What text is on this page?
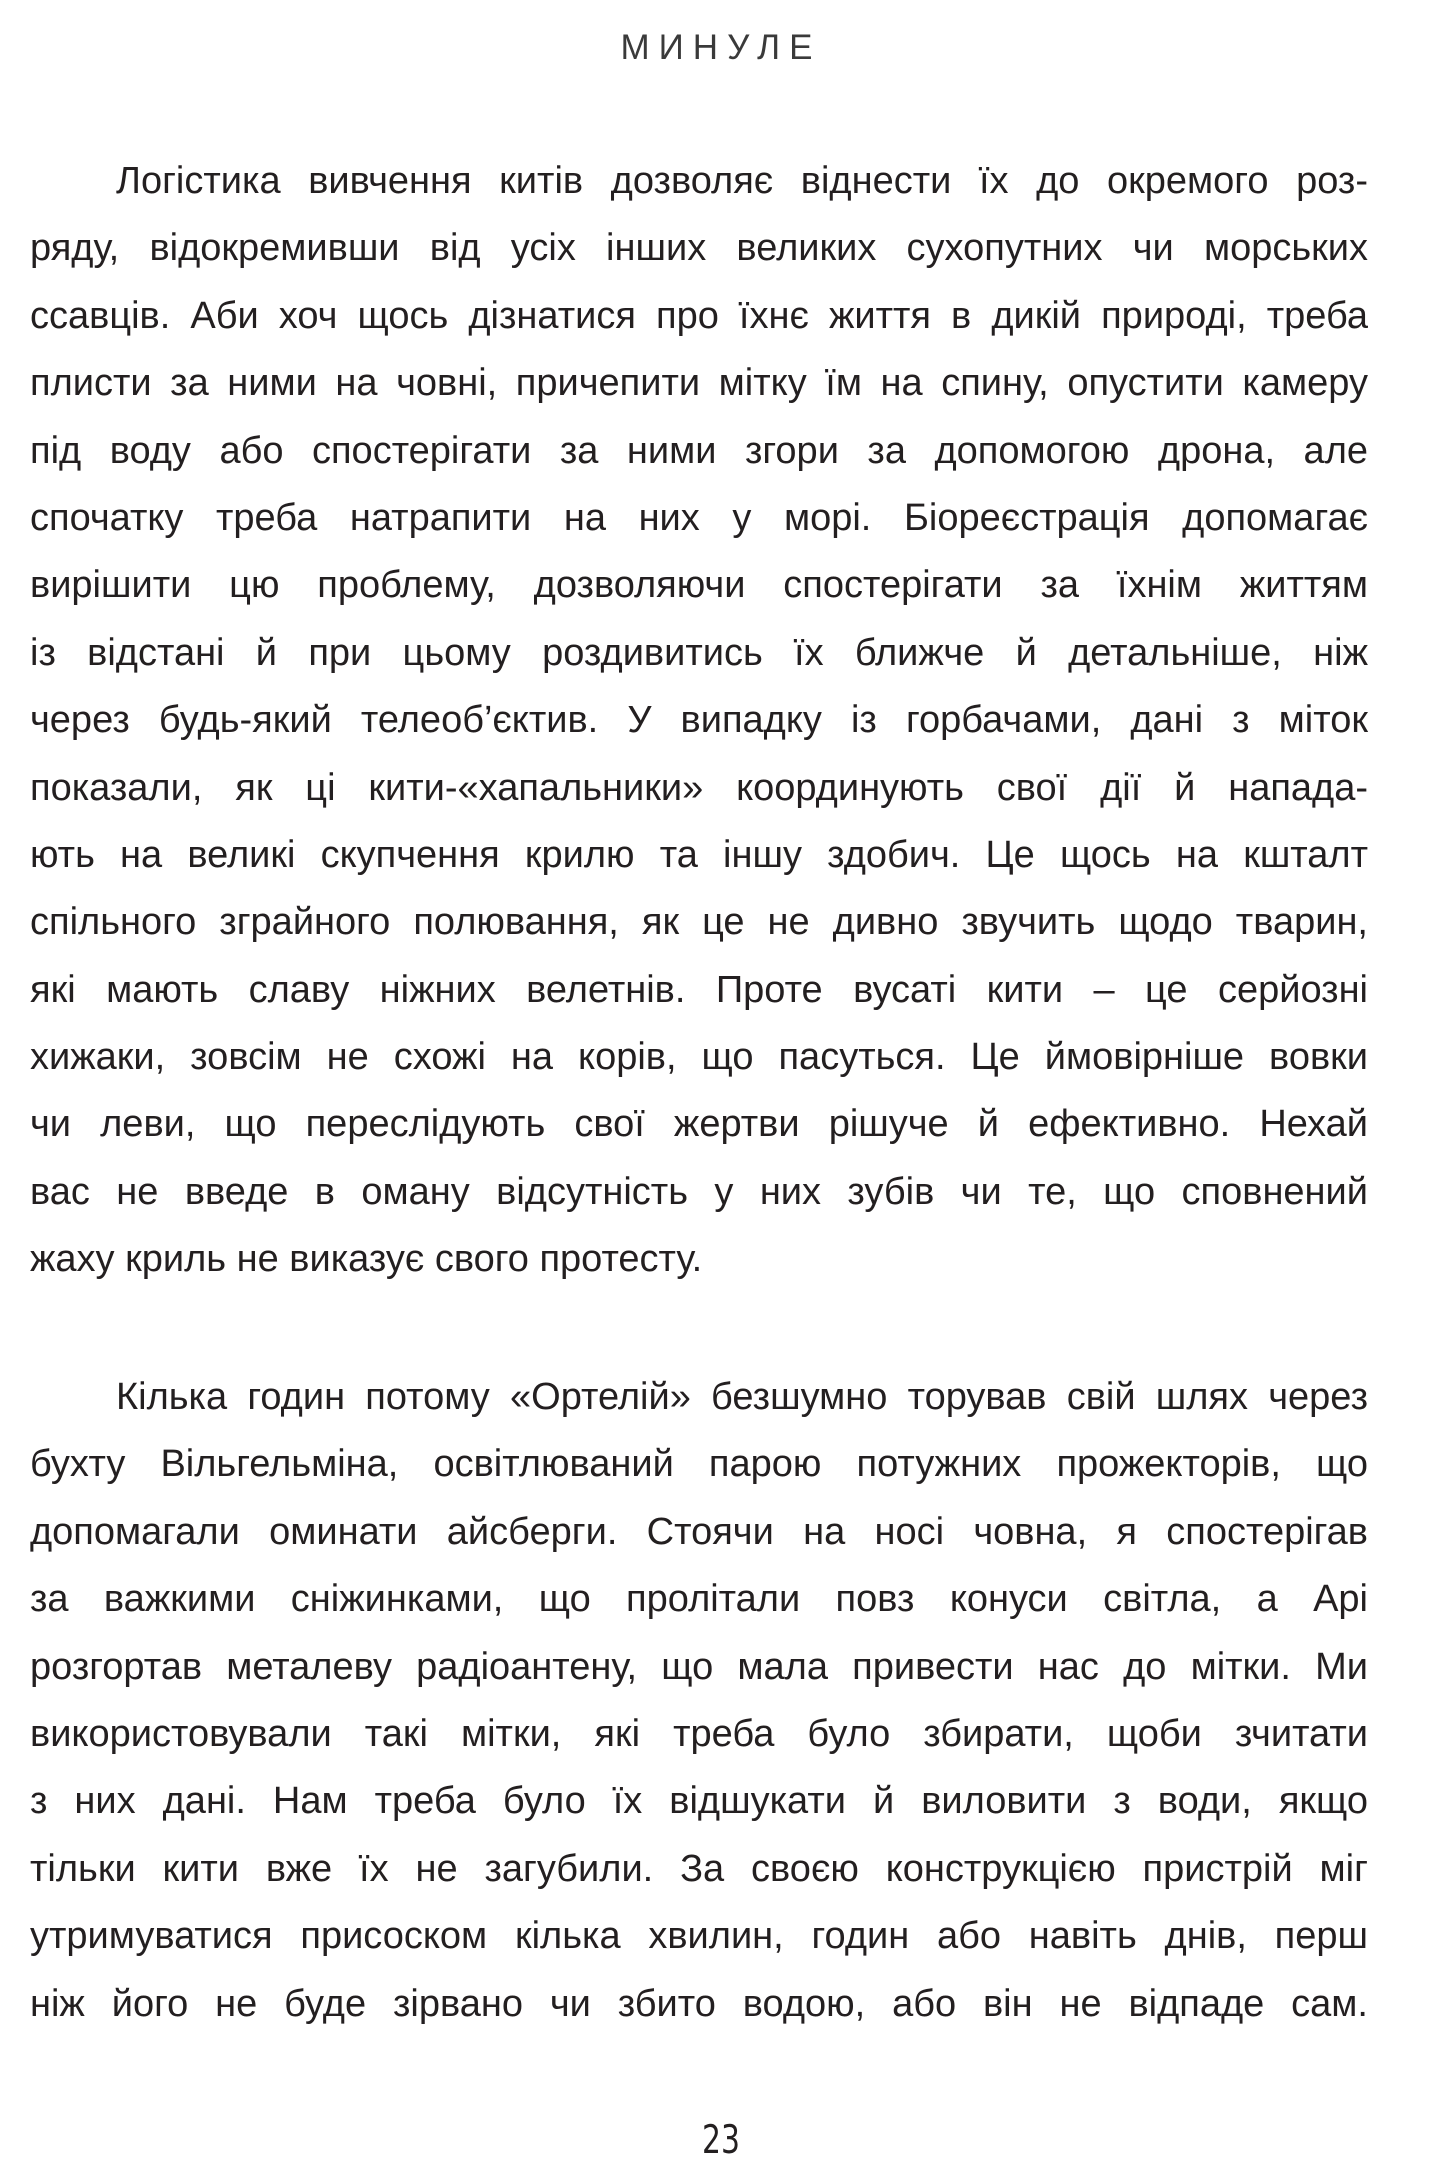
МИНУЛЕ
Логістика вивчення китів дозволяє віднести їх до окремого роз-
ряду, відокремивши від усіх інших великих сухопутних чи морських
ссавців. Аби хоч щось дізнатися про їхнє життя в дикій природі, треба
плисти за ними на човні, причепити мітку їм на спину, опустити камеру
під воду або спостерігати за ними згори за допомогою дрона, але
спочатку треба натрапити на них у морі. Біореєстрація допомагає
вирішити цю проблему, дозволяючи спостерігати за їхнім життям
із відстані й при цьому роздивитись їх ближче й детальніше, ніж
через будь-який телеоб’єктив. У випадку із горбачами, дані з міток
показали, як ці кити-«хапальники» координують свої дії й напада-
ють на великі скупчення крилю та іншу здобич. Це щось на кшталт
спільного зграйного полювання, як це не дивно звучить щодо тварин,
які мають славу ніжних велетнів. Проте вусаті кити – це серйозні
хижаки, зовсім не схожі на корів, що пасуться. Це ймовірніше вовки
чи леви, що переслідують свої жертви рішуче й ефективно. Нехай
вас не введе в оману відсутність у них зубів чи те, що сповнений
жаху криль не виказує свого протесту.
Кілька годин потому «Ортелій» безшумно торував свій шлях через
бухту Вільгельміна, освітлюваний парою потужних прожекторів, що
допомагали оминати айсберги. Стоячи на носі човна, я спостерігав
за важкими сніжинками, що пролітали повз конуси світла, а Арі
розгортав металеву радіоантену, що мала привести нас до мітки. Ми
використовували такі мітки, які треба було збирати, щоби зчитати
з них дані. Нам треба було їх відшукати й виловити з води, якщо
тільки кити вже їх не загубили. За своєю конструкцією пристрій міг
утримуватися присоском кілька хвилин, годин або навіть днів, перш
ніж його не буде зірвано чи збито водою, або він не відпаде сам.
23
